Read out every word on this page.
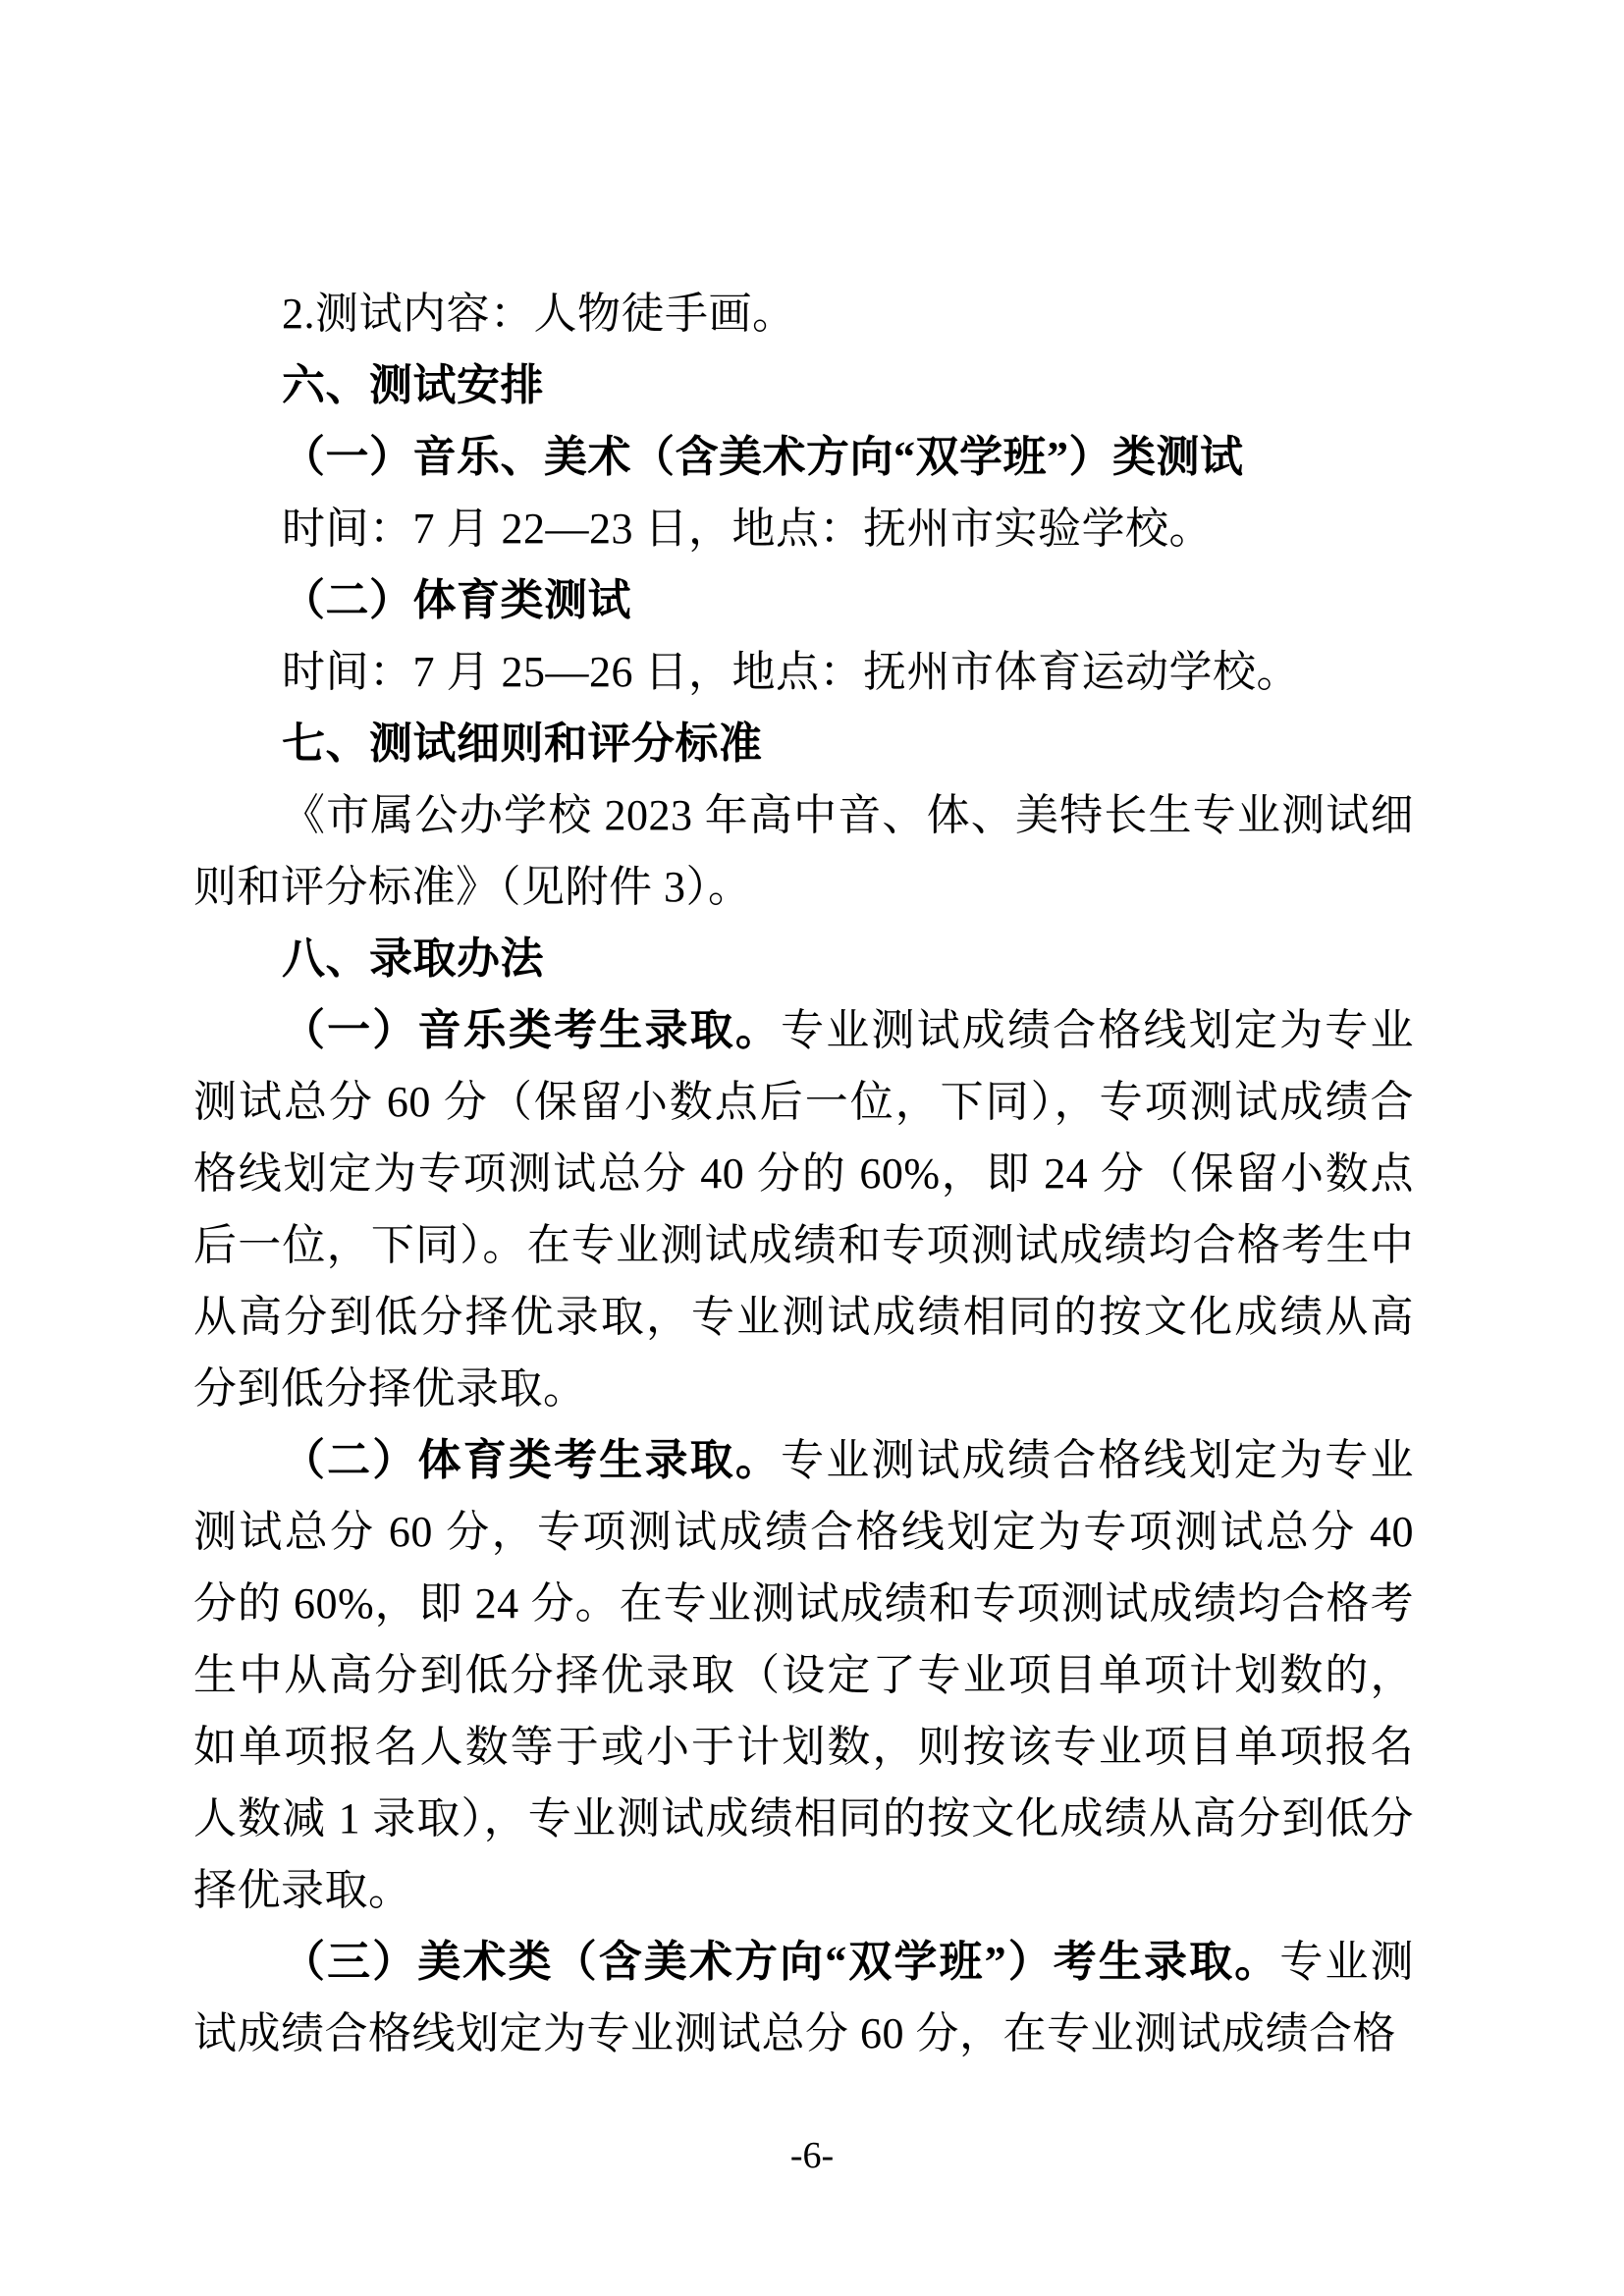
2.测试内容：人物徒手画。

六、测试安排

（一）音乐、美术（含美术方向“双学班”）类测试

时间：7 月 22—23 日，地点：抚州市实验学校。

（二）体育类测试

时间：7 月 25—26 日，地点：抚州市体育运动学校。

七、测试细则和评分标准

《市属公办学校 2023 年高中音、体、美特长生专业测试细则和评分标准》（见附件 3）。

八、录取办法

（一）音乐类考生录取。专业测试成绩合格线划定为专业测试总分 60 分（保留小数点后一位，下同），专项测试成绩合格线划定为专项测试总分 40 分的 60%，即 24 分（保留小数点后一位，下同）。在专业测试成绩和专项测试成绩均合格考生中从高分到低分择优录取，专业测试成绩相同的按文化成绩从高分到低分择优录取。

（二）体育类考生录取。专业测试成绩合格线划定为专业测试总分 60 分，专项测试成绩合格线划定为专项测试总分 40 分的 60%，即 24 分。在专业测试成绩和专项测试成绩均合格考生中从高分到低分择优录取（设定了专业项目单项计划数的，如单项报名人数等于或小于计划数，则按该专业项目单项报名人数减 1 录取），专业测试成绩相同的按文化成绩从高分到低分择优录取。

（三）美术类（含美术方向“双学班”）考生录取。专业测试成绩合格线划定为专业测试总分 60 分，在专业测试成绩合格

-6-
